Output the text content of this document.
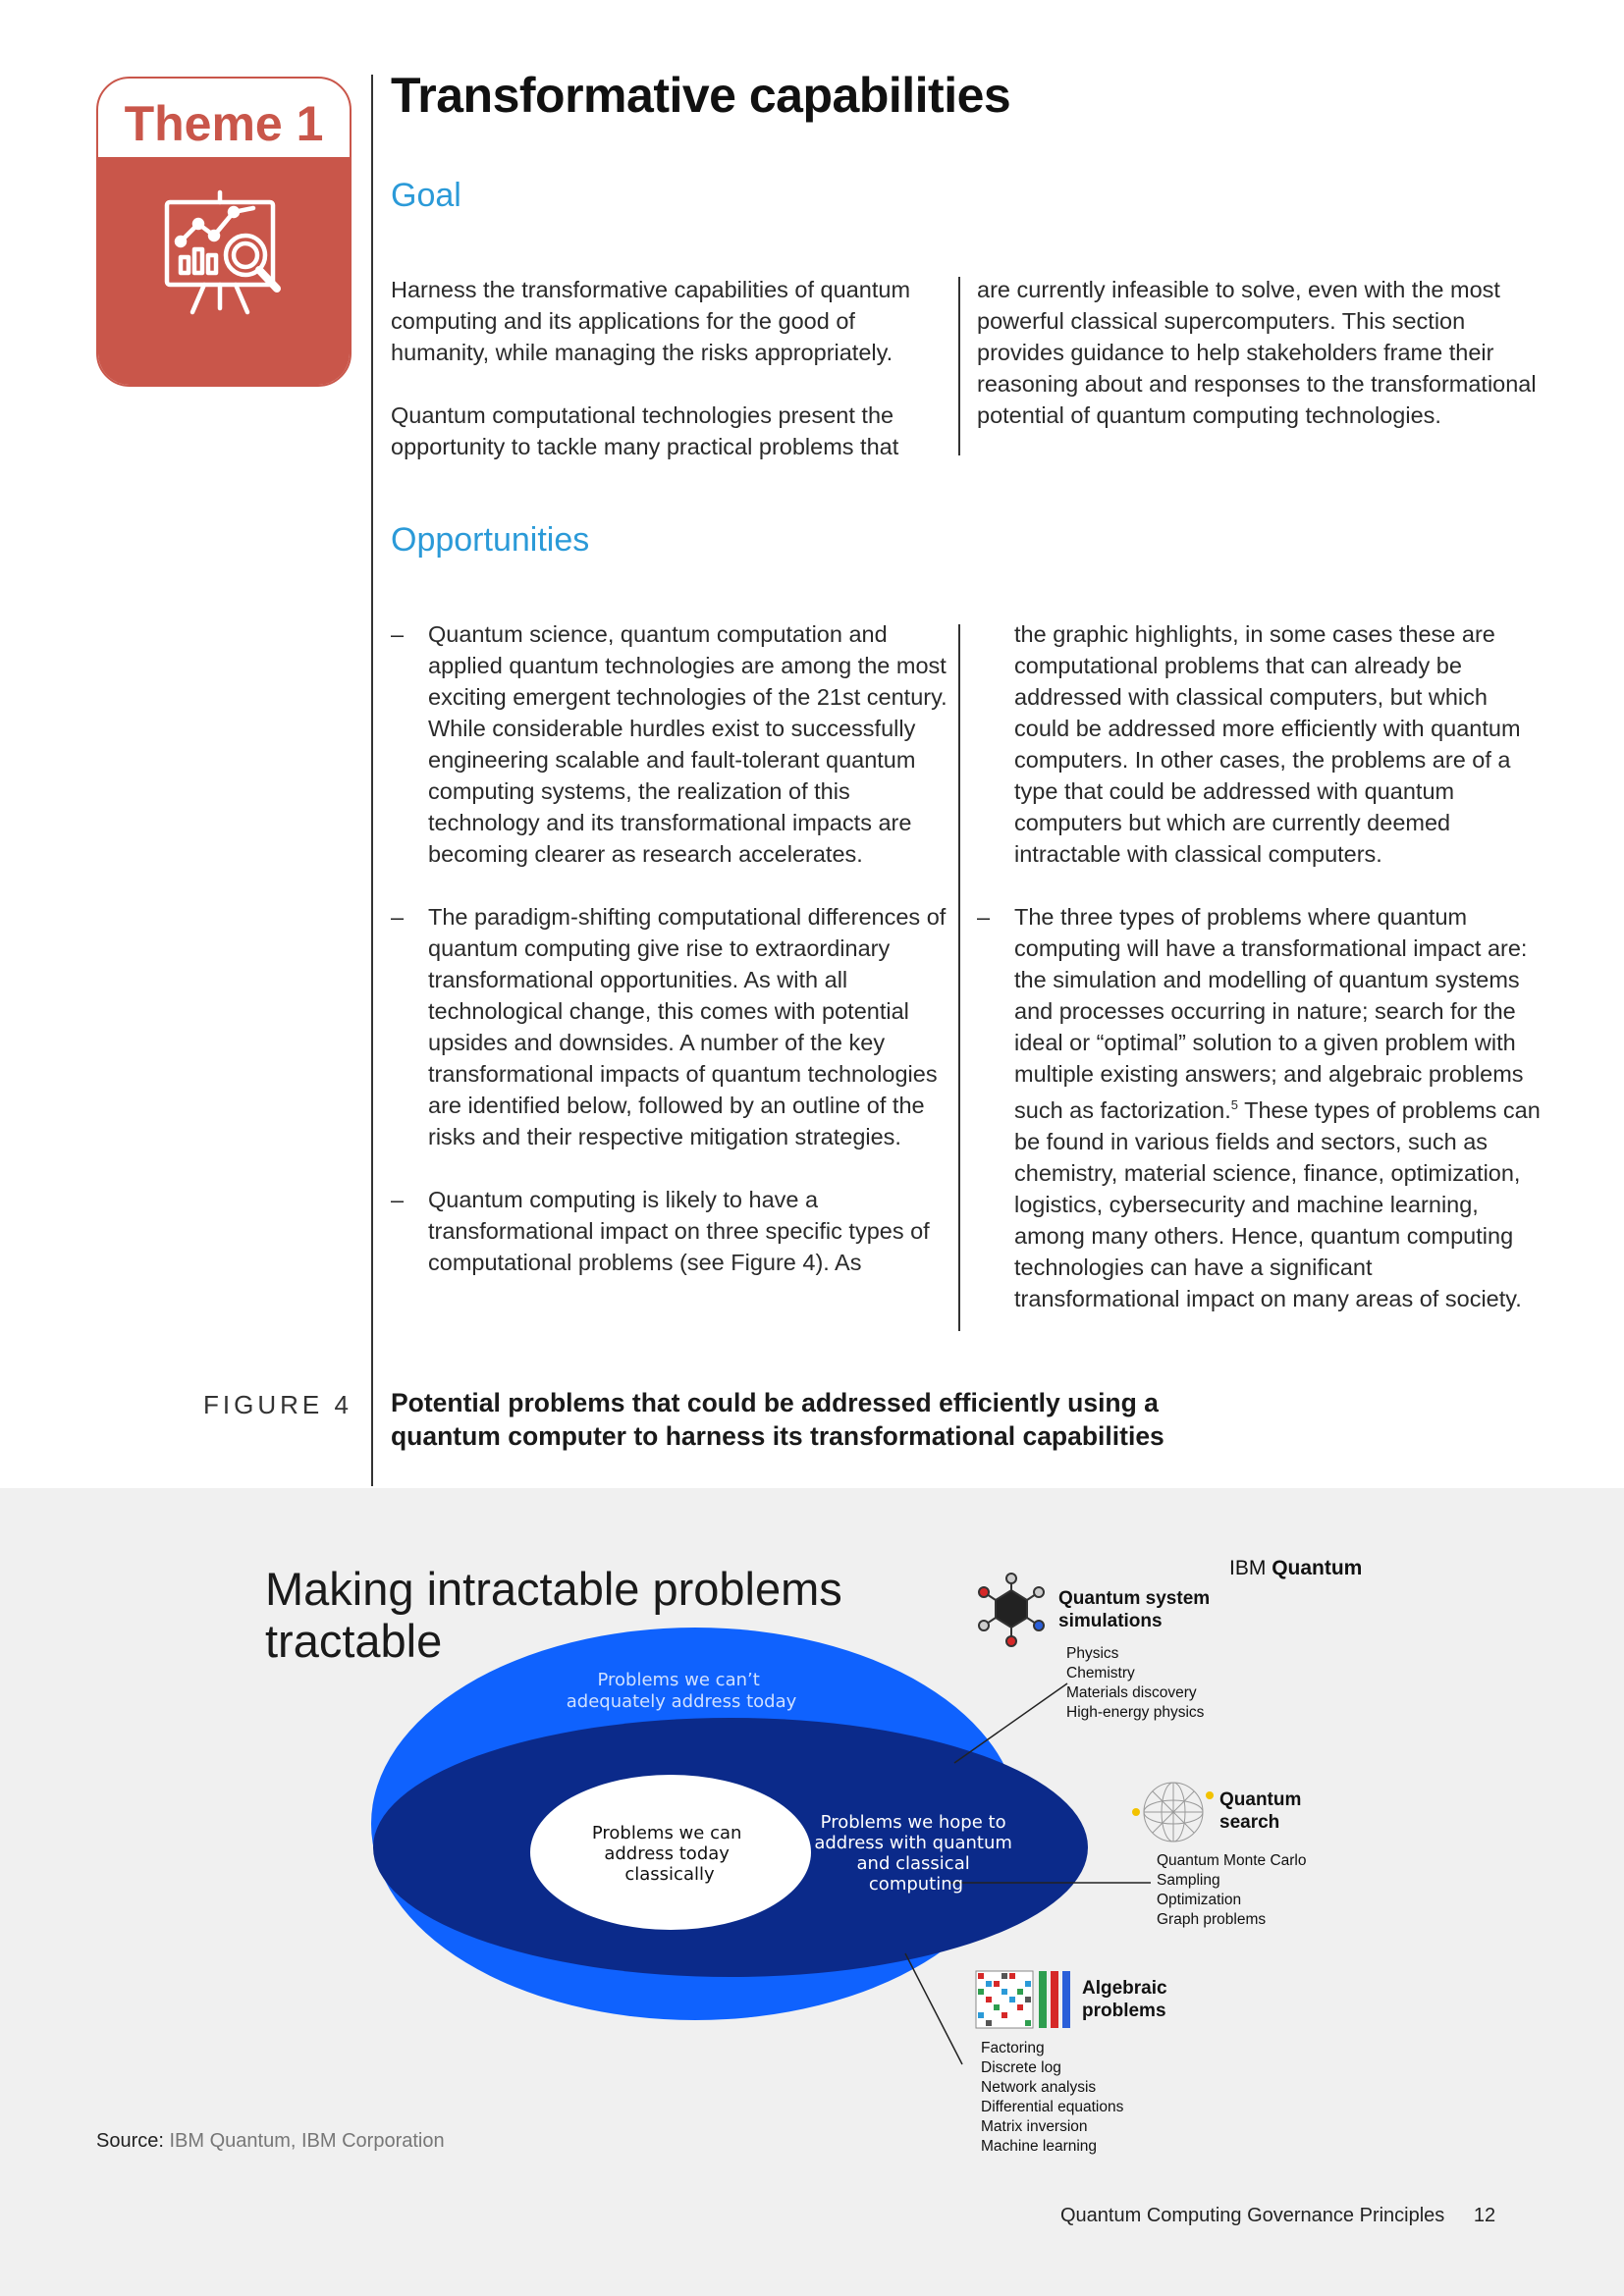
Theme 1
Transformative capabilities
Goal

Harness the transformative capabilities of quantum computing and its applications for the good of humanity, while managing the risks appropriately.

Quantum computational technologies present the opportunity to tackle many practical problems that

are currently infeasible to solve, even with the most powerful classical supercomputers. This section provides guidance to help stakeholders frame their reasoning about and responses to the transformational potential of quantum computing technologies.

Opportunities
– Quantum science, quantum computation and applied quantum technologies are among the most exciting emergent technologies of the 21st century. While considerable hurdles exist to successfully engineering scalable and fault-tolerant quantum computing systems, the realization of this technology and its transformational impacts are becoming clearer as research accelerates.
– The paradigm-shifting computational differences of quantum computing give rise to extraordinary transformational opportunities. As with all technological change, this comes with potential upsides and downsides. A number of the key transformational impacts of quantum technologies are identified below, followed by an outline of the risks and their respective mitigation strategies.
– Quantum computing is likely to have a transformational impact on three specific types of computational problems (see Figure 4). As
the graphic highlights, in some cases these are computational problems that can already be addressed with classical computers, but which could be addressed more efficiently with quantum computers. In other cases, the problems are of a type that could be addressed with quantum computers but which are currently deemed intractable with classical computers.
– The three types of problems where quantum computing will have a transformational impact are: the simulation and modelling of quantum systems and processes occurring in nature; search for the ideal or “optimal” solution to a given problem with multiple existing answers; and algebraic problems such as factorization.$^5$ These types of problems can be found in various fields and sectors, such as chemistry, material science, finance, optimization, logistics, cybersecurity and machine learning, among many others. Hence, quantum computing technologies can have a significant transformational impact on many areas of society.
FIGURE 4 Potential problems that could be addressed efficiently using a quantum computer to harness its transformational capabilities
Making intractable problems
tractable
IBM Quantum
Problems we can’t adequately address today
Problems we hope to address with quantum and classical computing
Problems we can address today classically
Quantum system
simulations
Physics
Chemistry
Materials discovery
High-energy physics
Quantum
search
Quantum Monte Carlo
Sampling
Optimization
Graph problems
Algebraic
problems
Factoring
Discrete log
Network analysis
Differential equations
Matrix inversion
Machine learning
Source: IBM Quantum, IBM Corporation
Quantum Computing Governance Principles 12
